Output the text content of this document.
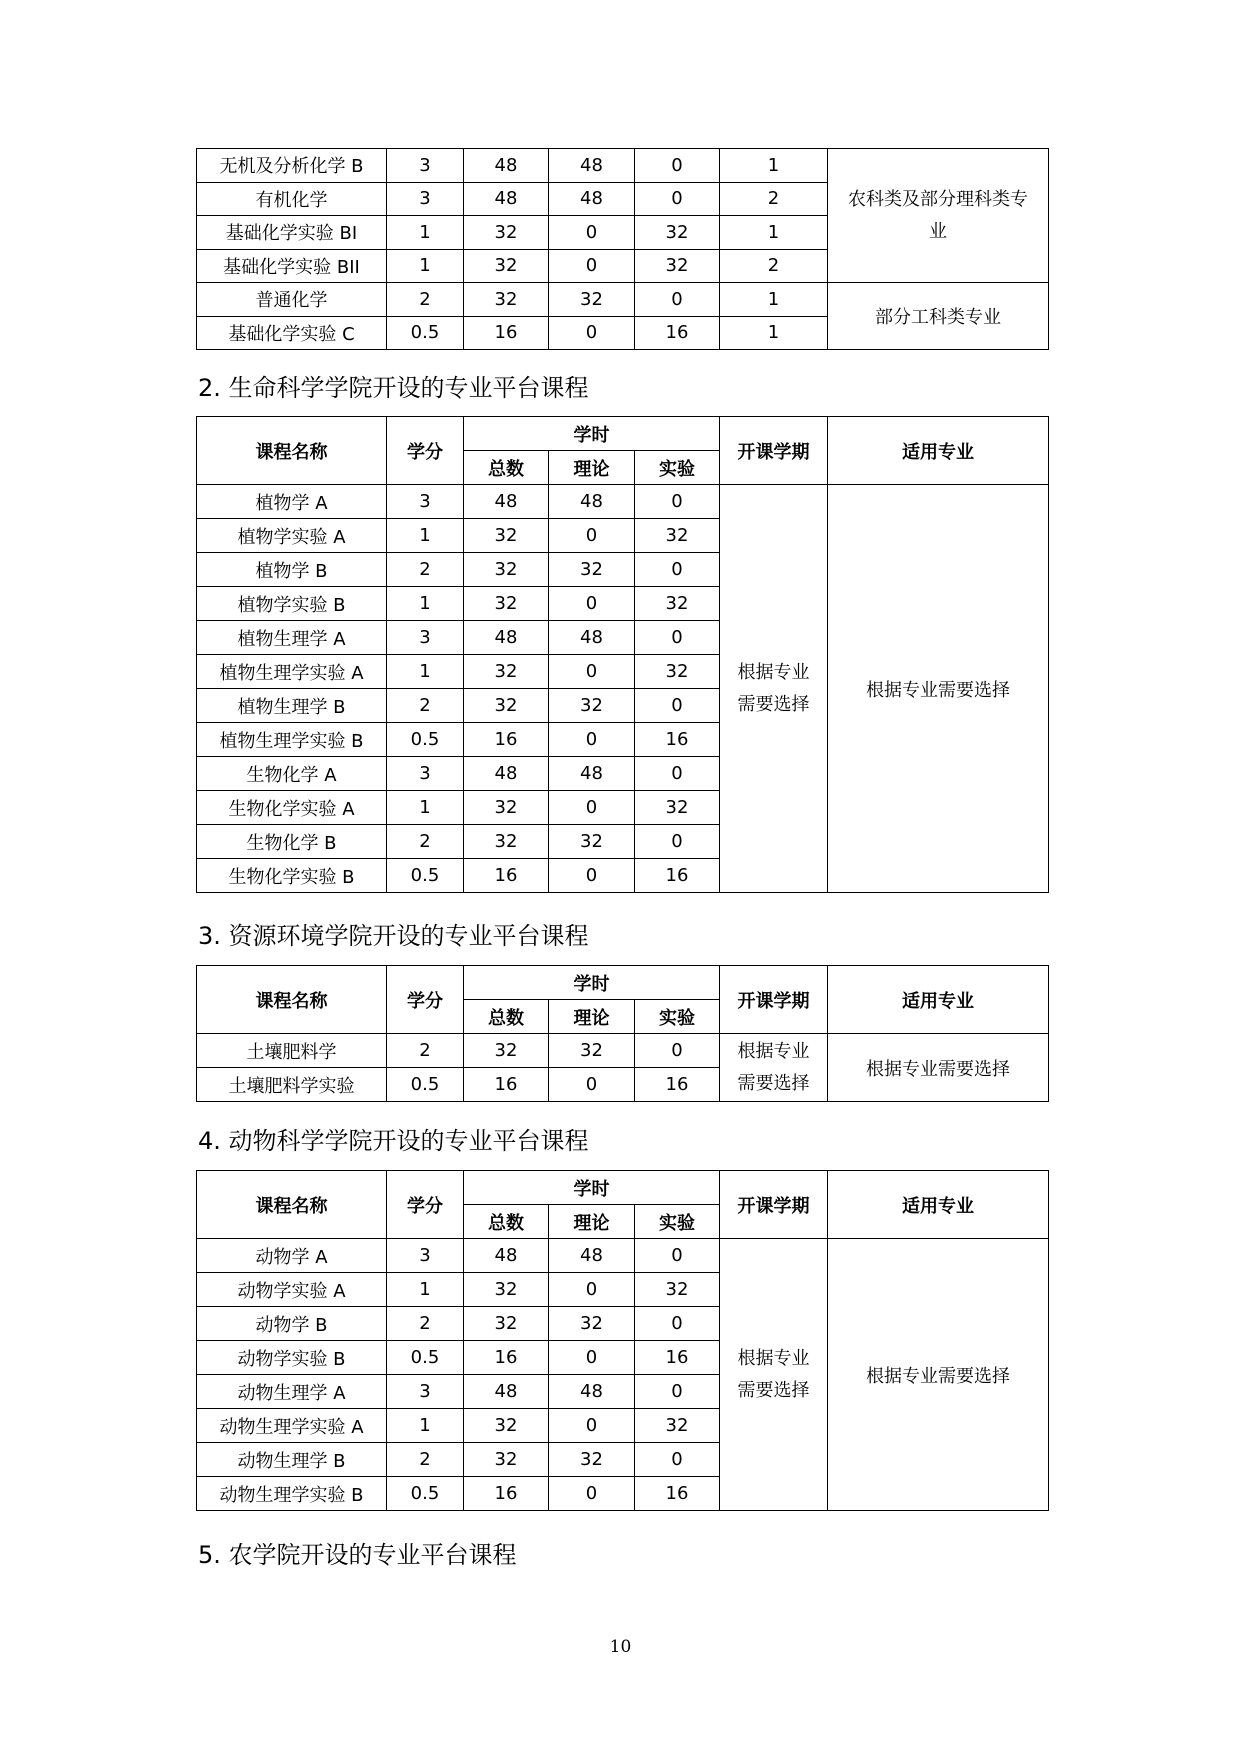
无机及分析化学 B	3	48	48	0	1	农科类及部分理科类专业
有机化学	3	48	48	0	2	
基础化学实验 BI	1	32	0	32	1	
基础化学实验 BII	1	32	0	32	2	
普通化学	2	32	32	0	1	部分工科类专业
基础化学实验 C	0.5	16	0	16	1	
2. 生命科学学院开设的专业平台课程
课程名称	学分	学时			开课学期	适用专业
		总数	理论	实验		
植物学 A	3	48	48	0	根据专业需要选择	根据专业需要选择
植物学实验 A	1	32	0	32		
植物学 B	2	32	32	0		
植物学实验 B	1	32	0	32		
植物生理学 A	3	48	48	0		
植物生理学实验 A	1	32	0	32		
植物生理学 B	2	32	32	0		
植物生理学实验 B	0.5	16	0	16		
生物化学 A	3	48	48	0		
生物化学实验 A	1	32	0	32		
生物化学 B	2	32	32	0		
生物化学实验 B	0.5	16	0	16		
3. 资源环境学院开设的专业平台课程
课程名称	学分	学时			开课学期	适用专业
		总数	理论	实验		
土壤肥料学	2	32	32	0	根据专业需要选择	根据专业需要选择
土壤肥料学实验	0.5	16	0	16		
4. 动物科学学院开设的专业平台课程
课程名称	学分	学时			开课学期	适用专业
		总数	理论	实验		
动物学 A	3	48	48	0	根据专业需要选择	根据专业需要选择
动物学实验 A	1	32	0	32		
动物学 B	2	32	32	0		
动物学实验 B	0.5	16	0	16		
动物生理学 A	3	48	48	0		
动物生理学实验 A	1	32	0	32		
动物生理学 B	2	32	32	0		
动物生理学实验 B	0.5	16	0	16		
5. 农学院开设的专业平台课程
10
